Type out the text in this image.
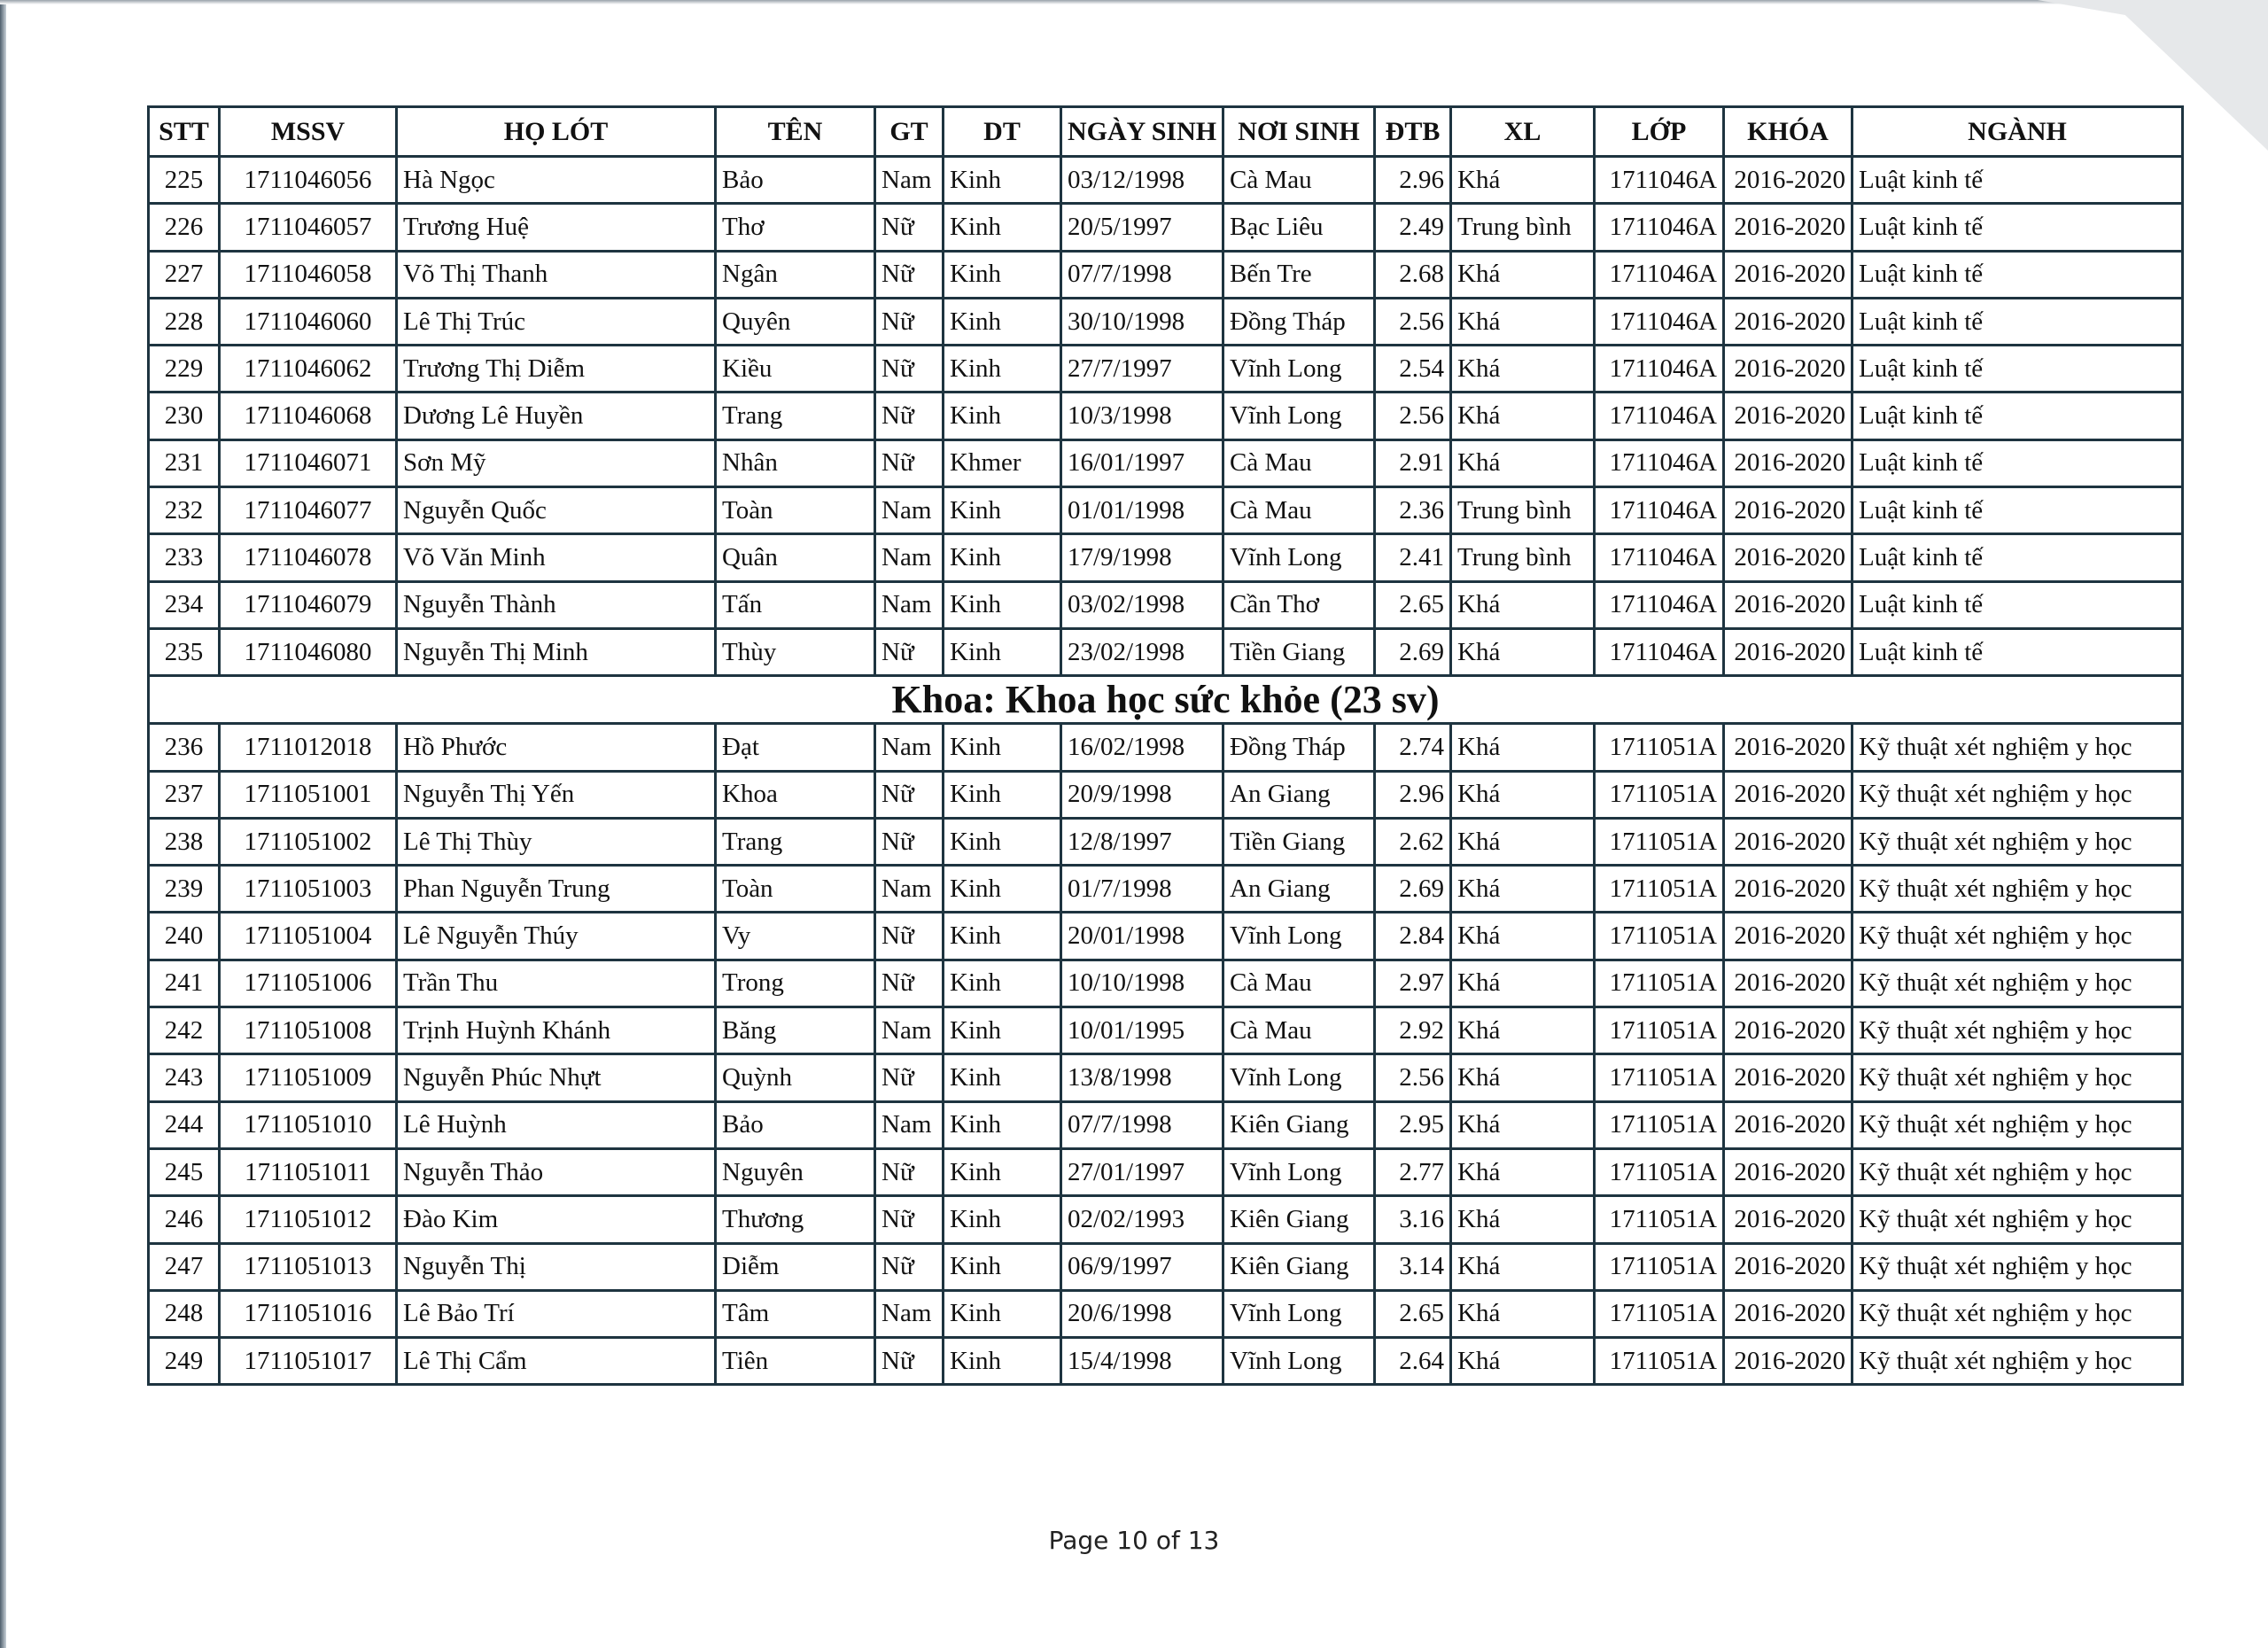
STT	MSSV	HỌ LÓT	TÊN	GT	DT	NGÀY SINH	NƠI SINH	ĐTB	XL	LỚP	KHÓA	NGÀNH
225	1711046056	Hà Ngọc	Bảo	Nam	Kinh	03/12/1998	Cà Mau	2.96	Khá	1711046A	2016-2020	Luật kinh tế
226	1711046057	Trương Huệ	Thơ	Nữ	Kinh	20/5/1997	Bạc Liêu	2.49	Trung bình	1711046A	2016-2020	Luật kinh tế
227	1711046058	Võ Thị Thanh	Ngân	Nữ	Kinh	07/7/1998	Bến Tre	2.68	Khá	1711046A	2016-2020	Luật kinh tế
228	1711046060	Lê Thị Trúc	Quyên	Nữ	Kinh	30/10/1998	Đồng Tháp	2.56	Khá	1711046A	2016-2020	Luật kinh tế
229	1711046062	Trương Thị Diễm	Kiều	Nữ	Kinh	27/7/1997	Vĩnh Long	2.54	Khá	1711046A	2016-2020	Luật kinh tế
230	1711046068	Dương Lê Huyền	Trang	Nữ	Kinh	10/3/1998	Vĩnh Long	2.56	Khá	1711046A	2016-2020	Luật kinh tế
231	1711046071	Sơn Mỹ	Nhân	Nữ	Khmer	16/01/1997	Cà Mau	2.91	Khá	1711046A	2016-2020	Luật kinh tế
232	1711046077	Nguyễn Quốc	Toàn	Nam	Kinh	01/01/1998	Cà Mau	2.36	Trung bình	1711046A	2016-2020	Luật kinh tế
233	1711046078	Võ Văn Minh	Quân	Nam	Kinh	17/9/1998	Vĩnh Long	2.41	Trung bình	1711046A	2016-2020	Luật kinh tế
234	1711046079	Nguyễn Thành	Tấn	Nam	Kinh	03/02/1998	Cần Thơ	2.65	Khá	1711046A	2016-2020	Luật kinh tế
235	1711046080	Nguyễn Thị Minh	Thùy	Nữ	Kinh	23/02/1998	Tiền Giang	2.69	Khá	1711046A	2016-2020	Luật kinh tế
Khoa: Khoa học sức khỏe (23 sv)												
236	1711012018	Hồ Phước	Đạt	Nam	Kinh	16/02/1998	Đồng Tháp	2.74	Khá	1711051A	2016-2020	Kỹ thuật xét nghiệm y học
237	1711051001	Nguyễn Thị Yến	Khoa	Nữ	Kinh	20/9/1998	An Giang	2.96	Khá	1711051A	2016-2020	Kỹ thuật xét nghiệm y học
238	1711051002	Lê Thị Thùy	Trang	Nữ	Kinh	12/8/1997	Tiền Giang	2.62	Khá	1711051A	2016-2020	Kỹ thuật xét nghiệm y học
239	1711051003	Phan Nguyễn Trung	Toàn	Nam	Kinh	01/7/1998	An Giang	2.69	Khá	1711051A	2016-2020	Kỹ thuật xét nghiệm y học
240	1711051004	Lê Nguyễn Thúy	Vy	Nữ	Kinh	20/01/1998	Vĩnh Long	2.84	Khá	1711051A	2016-2020	Kỹ thuật xét nghiệm y học
241	1711051006	Trần Thu	Trong	Nữ	Kinh	10/10/1998	Cà Mau	2.97	Khá	1711051A	2016-2020	Kỹ thuật xét nghiệm y học
242	1711051008	Trịnh Huỳnh Khánh	Băng	Nam	Kinh	10/01/1995	Cà Mau	2.92	Khá	1711051A	2016-2020	Kỹ thuật xét nghiệm y học
243	1711051009	Nguyễn Phúc Nhựt	Quỳnh	Nữ	Kinh	13/8/1998	Vĩnh Long	2.56	Khá	1711051A	2016-2020	Kỹ thuật xét nghiệm y học
244	1711051010	Lê Huỳnh	Bảo	Nam	Kinh	07/7/1998	Kiên Giang	2.95	Khá	1711051A	2016-2020	Kỹ thuật xét nghiệm y học
245	1711051011	Nguyễn Thảo	Nguyên	Nữ	Kinh	27/01/1997	Vĩnh Long	2.77	Khá	1711051A	2016-2020	Kỹ thuật xét nghiệm y học
246	1711051012	Đào Kim	Thương	Nữ	Kinh	02/02/1993	Kiên Giang	3.16	Khá	1711051A	2016-2020	Kỹ thuật xét nghiệm y học
247	1711051013	Nguyễn Thị	Diễm	Nữ	Kinh	06/9/1997	Kiên Giang	3.14	Khá	1711051A	2016-2020	Kỹ thuật xét nghiệm y học
248	1711051016	Lê Bảo Trí	Tâm	Nam	Kinh	20/6/1998	Vĩnh Long	2.65	Khá	1711051A	2016-2020	Kỹ thuật xét nghiệm y học
249	1711051017	Lê Thị Cẩm	Tiên	Nữ	Kinh	15/4/1998	Vĩnh Long	2.64	Khá	1711051A	2016-2020	Kỹ thuật xét nghiệm y học
Page 10 of 13
